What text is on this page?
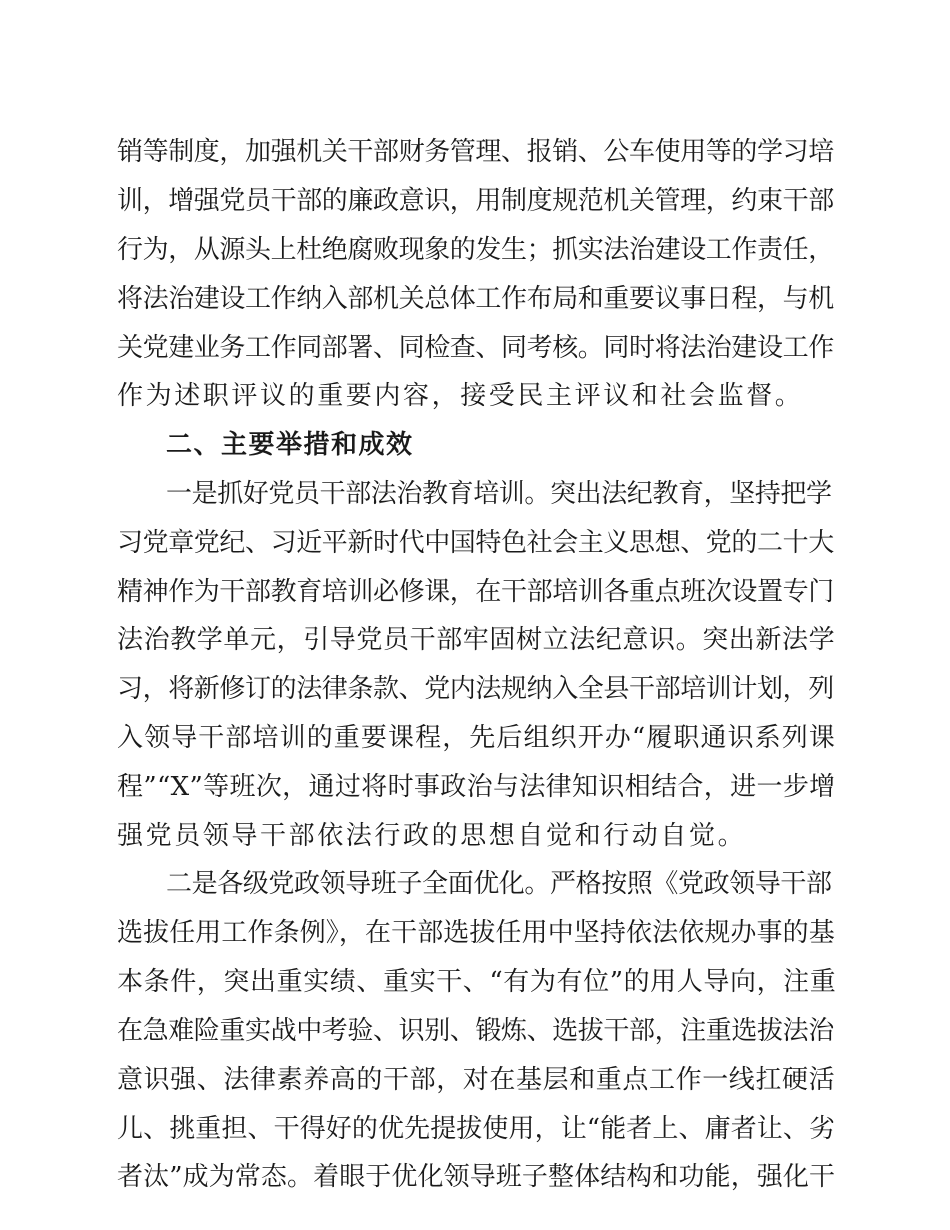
销等制度，加强机关干部财务管理、报销、公车使用等的学习培
训，增强党员干部的廉政意识，用制度规范机关管理，约束干部
行为，从源头上杜绝腐败现象的发生；抓实法治建设工作责任，
将法治建设工作纳入部机关总体工作布局和重要议事日程，与机
关党建业务工作同部署、同检查、同考核。同时将法治建设工作
作为述职评议的重要内容，接受民主评议和社会监督。
二、主要举措和成效
一是抓好党员干部法治教育培训。突出法纪教育，坚持把学
习党章党纪、习近平新时代中国特色社会主义思想、党的二十大
精神作为干部教育培训必修课，在干部培训各重点班次设置专门
法治教学单元，引导党员干部牢固树立法纪意识。突出新法学
习，将新修订的法律条款、党内法规纳入全县干部培训计划，列
入领导干部培训的重要课程，先后组织开办“履职通识系列课
程”“X”等班次，通过将时事政治与法律知识相结合，进一步增
强党员领导干部依法行政的思想自觉和行动自觉。
二是各级党政领导班子全面优化。严格按照《党政领导干部
选拔任用工作条例》，在干部选拔任用中坚持依法依规办事的基
本条件，突出重实绩、重实干、“有为有位”的用人导向，注重
在急难险重实战中考验、识别、锻炼、选拔干部，注重选拔法治
意识强、法律素养高的干部，对在基层和重点工作一线扛硬活
儿、挑重担、干得好的优先提拔使用，让“能者上、庸者让、劣
者汰”成为常态。着眼于优化领导班子整体结构和功能，强化干
